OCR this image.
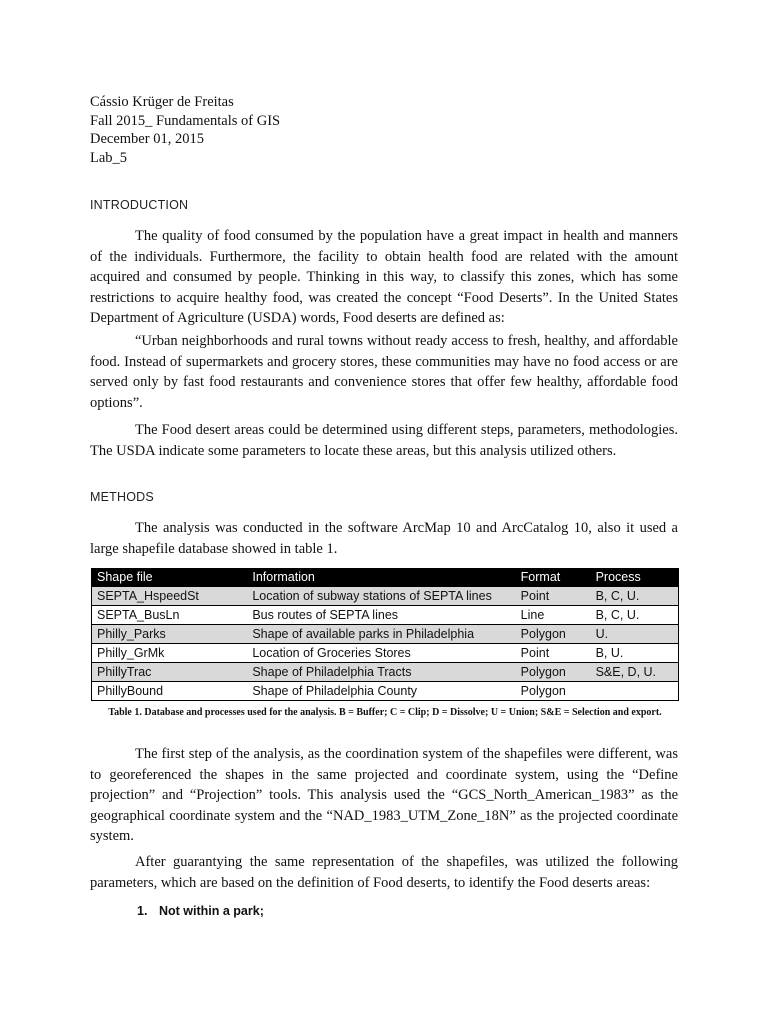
Cássio Krüger de Freitas
Fall 2015_ Fundamentals of GIS
December 01, 2015
Lab_5
INTRODUCTION

The quality of food consumed by the population have a great impact in health and manners of the individuals. Furthermore, the facility to obtain health food are related with the amount acquired and consumed by people. Thinking in this way, to classify this zones, which has some restrictions to acquire healthy food, was created the concept “Food Deserts”. In the United States Department of Agriculture (USDA) words, Food deserts are defined as:

“Urban neighborhoods and rural towns without ready access to fresh, healthy, and affordable food. Instead of supermarkets and grocery stores, these communities may have no food access or are served only by fast food restaurants and convenience stores that offer few healthy, affordable food options”.

The Food desert areas could be determined using different steps, parameters, methodologies. The USDA indicate some parameters to locate these areas, but this analysis utilized others.

METHODS

The analysis was conducted in the software ArcMap 10 and ArcCatalog 10, also it used a large shapefile database showed in table 1.

Shape file	Information	Format	Process
SEPTA_HspeedSt	Location of subway stations of SEPTA lines	Point	B, C, U.
SEPTA_BusLn	Bus routes of SEPTA lines	Line	B, C, U.
Philly_Parks	Shape of available parks in Philadelphia	Polygon	U.
Philly_GrMk	Location of Groceries Stores	Point	B, U.
PhillyTrac	Shape of Philadelphia Tracts	Polygon	S&E, D, U.
PhillyBound	Shape of Philadelphia County	Polygon	
Table 1. Database and processes used for the analysis. B = Buffer; C = Clip; D = Dissolve; U = Union; S&E = Selection and export.

The first step of the analysis, as the coordination system of the shapefiles were different, was to georeferenced the shapes in the same projected and coordinate system, using the “Define projection” and “Projection” tools. This analysis used the “GCS_North_American_1983” as the geographical coordinate system and the “NAD_1983_UTM_Zone_18N” as the projected coordinate system.

After guarantying the same representation of the shapefiles, was utilized the following parameters, which are based on the definition of Food deserts, to identify the Food deserts areas:

1. Not within a park;
